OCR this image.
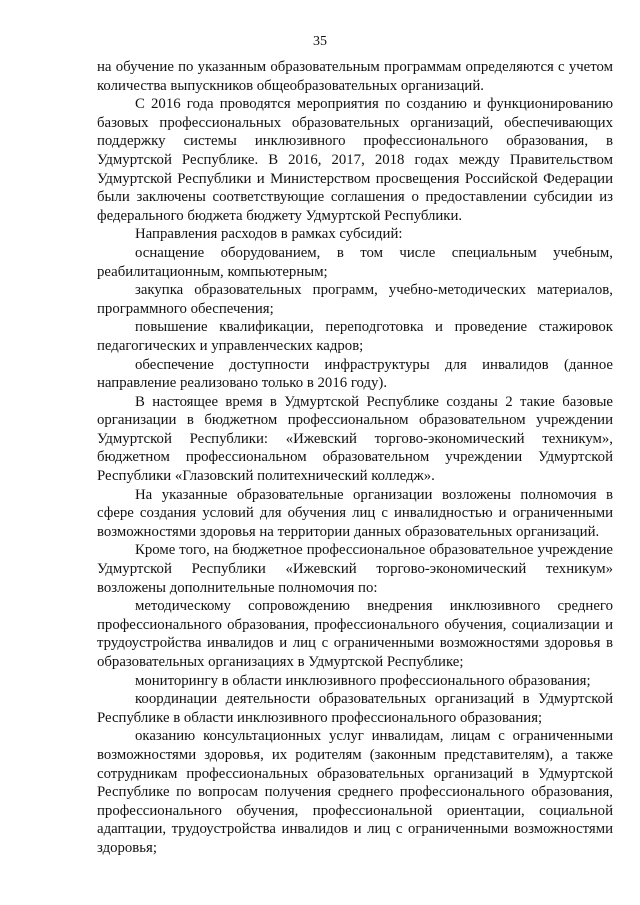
35

на обучение по указанным образовательным программам определяются с учетом количества выпускников общеобразовательных организаций.

С 2016 года проводятся мероприятия по созданию и функционированию базовых профессиональных образовательных организаций, обеспечивающих поддержку системы инклюзивного профессионального образования, в Удмуртской Республике. В 2016, 2017, 2018 годах между Правительством Удмуртской Республики и Министерством просвещения Российской Федерации были заключены соответствующие соглашения о предоставлении субсидии из федерального бюджета бюджету Удмуртской Республики.

Направления расходов в рамках субсидий:

оснащение оборудованием, в том числе специальным учебным, реабилитационным, компьютерным;

закупка образовательных программ, учебно-методических материалов, программного обеспечения;

повышение квалификации, переподготовка и проведение стажировок педагогических и управленческих кадров;

обеспечение доступности инфраструктуры для инвалидов (данное направление реализовано только в 2016 году).

В настоящее время в Удмуртской Республике созданы 2 такие базовые организации в бюджетном профессиональном образовательном учреждении Удмуртской Республики: «Ижевский торгово-экономический техникум», бюджетном профессиональном образовательном учреждении Удмуртской Республики «Глазовский политехнический колледж».

На указанные образовательные организации возложены полномочия в сфере создания условий для обучения лиц с инвалидностью и ограниченными возможностями здоровья на территории данных образовательных организаций.

Кроме того, на бюджетное профессиональное образовательное учреждение Удмуртской Республики «Ижевский торгово-экономический техникум» возложены дополнительные полномочия по:

методическому сопровождению внедрения инклюзивного среднего профессионального образования, профессионального обучения, социализации и трудоустройства инвалидов и лиц с ограниченными возможностями здоровья в образовательных организациях в Удмуртской Республике;

мониторингу в области инклюзивного профессионального образования;

координации деятельности образовательных организаций в Удмуртской Республике в области инклюзивного профессионального образования;

оказанию консультационных услуг инвалидам, лицам с ограниченными возможностями здоровья, их родителям (законным представителям), а также сотрудникам профессиональных образовательных организаций в Удмуртской Республике по вопросам получения среднего профессионального образования, профессионального обучения, профессиональной ориентации, социальной адаптации, трудоустройства инвалидов и лиц с ограниченными возможностями здоровья;
